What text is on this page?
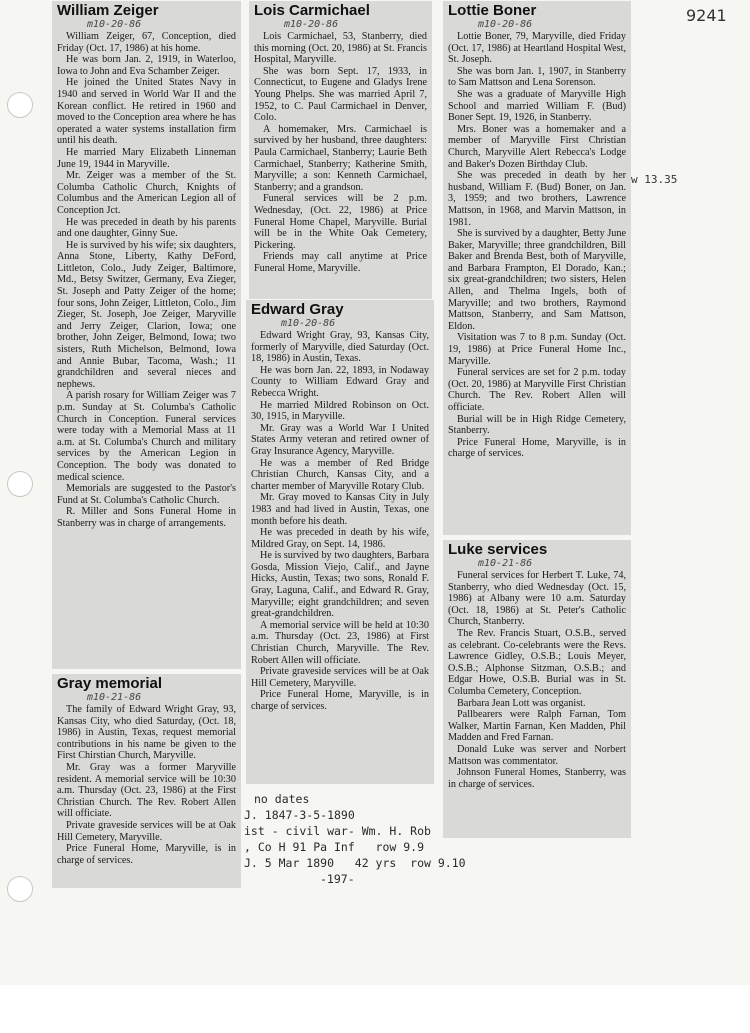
9241
w 13.35
William Zeiger
m10-20-86

William Zeiger, 67, Conception, died Friday (Oct. 17, 1986) at his home.

He was born Jan. 2, 1919, in Waterloo, Iowa to John and Eva Schamber Zeiger.

He joined the United States Navy in 1940 and served in World War II and the Korean conflict. He retired in 1960 and moved to the Conception area where he has operated a water systems installation firm until his death.

He married Mary Elizabeth Linneman June 19, 1944 in Maryville.

Mr. Zeiger was a member of the St. Columba Catholic Church, Knights of Columbus and the American Legion all of Conception Jct.

He was preceded in death by his parents and one daughter, Ginny Sue.

He is survived by his wife; six daughters, Anna Stone, Liberty, Kathy DeFord, Littleton, Colo., Judy Zeiger, Baltimore, Md., Betsy Switzer, Germany, Eva Zieger, St. Joseph and Patty Zeiger of the home; four sons, John Zeiger, Littleton, Colo., Jim Zieger, St. Joseph, Joe Zeiger, Maryville and Jerry Zeiger, Clarion, Iowa; one brother, John Zeiger, Belmond, Iowa; two sisters, Ruth Michelson, Belmond, Iowa and Annie Bubar, Tacoma, Wash.; 11 grandchildren and several nieces and nephews.

A parish rosary for William Zeiger was 7 p.m. Sunday at St. Columba's Catholic Church in Conception. Funeral services were today with a Memorial Mass at 11 a.m. at St. Columba's Church and military services by the American Legion in Conception. The body was donated to medical science.

Memorials are suggested to the Pastor's Fund at St. Columba's Catholic Church.

R. Miller and Sons Funeral Home in Stanberry was in charge of arrangements.

Gray memorial
m10-21-86

The family of Edward Wright Gray, 93, Kansas City, who died Saturday, (Oct. 18, 1986) in Austin, Texas, request memorial contributions in his name be given to the First Chirstian Church, Maryville.

Mr. Gray was a former Maryville resident. A memorial service will be 10:30 a.m. Thursday (Oct. 23, 1986) at the First Christian Church. The Rev. Robert Allen will officiate.

Private graveside services will be at Oak Hill Cemetery, Maryville.

Price Funeral Home, Maryville, is in charge of services.

Lois Carmichael
m10-20-86

Lois Carmichael, 53, Stanberry, died this morning (Oct. 20, 1986) at St. Francis Hospital, Maryville.

She was born Sept. 17, 1933, in Connecticut, to Eugene and Gladys Irene Young Phelps. She was married April 7, 1952, to C. Paul Carmichael in Denver, Colo.

A homemaker, Mrs. Carmichael is survived by her husband, three daughters: Paula Carmichael, Stanberry; Laurie Beth Carmichael, Stanberry; Katherine Smith, Maryville; a son: Kenneth Carmichael, Stanberry; and a grandson.

Funeral services will be 2 p.m. Wednesday, (Oct. 22, 1986) at Price Funeral Home Chapel, Maryville. Burial will be in the White Oak Cemetery, Pickering.

Friends may call anytime at Price Funeral Home, Maryville.

Edward Gray
m10-20-86

Edward Wright Gray, 93, Kansas City, formerly of Maryville, died Saturday (Oct. 18, 1986) in Austin, Texas.

He was born Jan. 22, 1893, in Nodaway County to William Edward Gray and Rebecca Wright.

He married Mildred Robinson on Oct. 30, 1915, in Maryville.

Mr. Gray was a World War I United States Army veteran and retired owner of Gray Insurance Agency, Maryville.

He was a member of Red Bridge Christian Church, Kansas City, and a charter member of Maryville Rotary Club.

Mr. Gray moved to Kansas City in July 1983 and had lived in Austin, Texas, one month before his death.

He was preceded in death by his wife, Mildred Gray, on Sept. 14, 1986.

He is survived by two daughters, Barbara Gosda, Mission Viejo, Calif., and Jayne Hicks, Austin, Texas; two sons, Ronald F. Gray, Laguna, Calif., and Edward R. Gray, Maryville; eight grandchildren; and seven great-grandchildren.

A memorial service will be held at 10:30 a.m. Thursday (Oct. 23, 1986) at First Christian Church, Maryville. The Rev. Robert Allen will officiate.

Private graveside services will be at Oak Hill Cemetery, Maryville.

Price Funeral Home, Maryville, is in charge of services.

Lottie Boner
m10-20-86

Lottie Boner, 79, Maryville, died Friday (Oct. 17, 1986) at Heartland Hospital West, St. Joseph.

She was born Jan. 1, 1907, in Stanberry to Sam Mattson and Lena Sorenson.

She was a graduate of Maryville High School and married William F. (Bud) Boner Sept. 19, 1926, in Stanberry.

Mrs. Boner was a homemaker and a member of Maryville First Christian Church, Maryville Alert Rebecca's Lodge and Baker's Dozen Birthday Club.

She was preceded in death by her husband, William F. (Bud) Boner, on Jan. 3, 1959; and two brothers, Lawrence Mattson, in 1968, and Marvin Mattson, in 1981.

She is survived by a daughter, Betty June Baker, Maryville; three grandchildren, Bill Baker and Brenda Best, both of Maryville, and Barbara Frampton, El Dorado, Kan.; six great-grandchildren; two sisters, Helen Allen, and Thelma Ingels, both of Maryville; and two brothers, Raymond Mattson, Stanberry, and Sam Mattson, Eldon.

Visitation was 7 to 8 p.m. Sunday (Oct. 19, 1986) at Price Funeral Home Inc., Maryville.

Funeral services are set for 2 p.m. today (Oct. 20, 1986) at Maryville First Christian Church. The Rev. Robert Allen will officiate.

Burial will be in High Ridge Cemetery, Stanberry.

Price Funeral Home, Maryville, is in charge of services.

Luke services
m10-21-86

Funeral services for Herbert T. Luke, 74, Stanberry, who died Wednesday (Oct. 15, 1986) at Albany were 10 a.m. Saturday (Oct. 18, 1986) at St. Peter's Catholic Church, Stanberry.

The Rev. Francis Stuart, O.S.B., served as celebrant. Co-celebrants were the Revs. Lawrence Gidley, O.S.B.; Louis Meyer, O.S.B.; Alphonse Sitzman, O.S.B.; and Edgar Howe, O.S.B. Burial was in St. Columba Cemetery, Conception.

Barbara Jean Lott was organist.

Pallbearers were Ralph Farnan, Tom Walker, Martin Farnan, Ken Madden, Phil Madden and Fred Farnan.

Donald Luke was server and Norbert Mattson was commentator.

Johnson Funeral Homes, Stanberry, was in charge of services.

no dates
J. 1847-3-5-1890
ist - civil war- Wm. H. Rob
, Co H 91 Pa Inf   row 9.9
J. 5 Mar 1890   42 yrs  row 9.10
-197-
